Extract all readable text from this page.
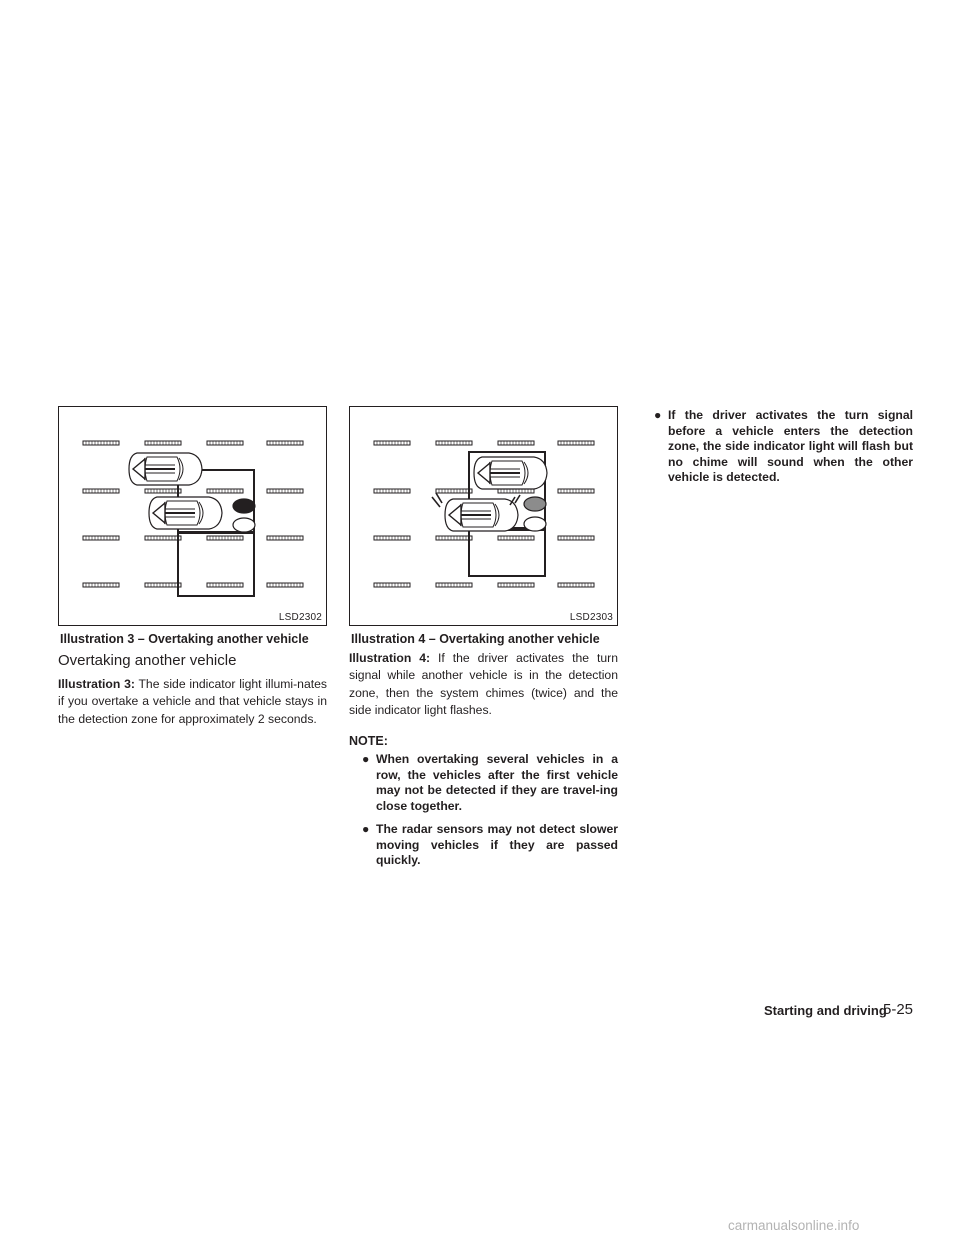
LSD2302
Illustration 3 – Overtaking another vehicle
LSD2303
Illustration 4 – Overtaking another vehicle
Overtaking another vehicle

Illustration 3: The side indicator light illumi-nates if you overtake a vehicle and that vehicle stays in the detection zone for approximately 2 seconds.

Illustration 4: If the driver activates the turn signal while another vehicle is in the detection zone, then the system chimes (twice) and the side indicator light flashes.

NOTE:
● When overtaking several vehicles in a row, the vehicles after the first vehicle may not be detected if they are travel-ing close together.
● The radar sensors may not detect slower moving vehicles if they are passed quickly.
● If the driver activates the turn signal before a vehicle enters the detection zone, the side indicator light will flash but no chime will sound when the other vehicle is detected.
Starting and driving
5-25
carmanualsonline.info
